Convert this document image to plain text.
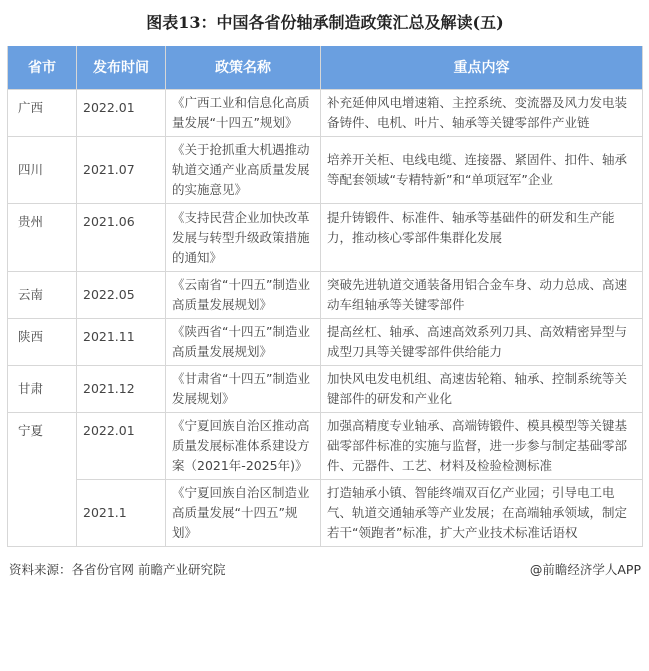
图表13：中国各省份轴承制造政策汇总及解读(五)
省市	发布时间	政策名称	重点内容
广西	2022.01	《广西工业和信息化高质量发展“十四五”规划》	补充延伸风电增速箱、主控系统、变流器及风力发电装备铸件、电机、叶片、轴承等关键零部件产业链
四川	2021.07	《关于抢抓重大机遇推动轨道交通产业高质量发展的实施意见》	培养开关柜、电线电缆、连接器、紧固件、扣件、轴承等配套领域“专精特新”和“单项冠军”企业
贵州	2021.06	《支持民营企业加快改革发展与转型升级政策措施的通知》	提升铸锻件、标准件、轴承等基础件的研发和生产能力，推动核心零部件集群化发展
云南	2022.05	《云南省“十四五”制造业高质量发展规划》	突破先进轨道交通装备用铝合金车身、动力总成、高速动车组轴承等关键零部件
陕西	2021.11	《陕西省“十四五”制造业高质量发展规划》	提高丝杠、轴承、高速高效系列刀具、高效精密异型与成型刀具等关键零部件供给能力
甘肃	2021.12	《甘肃省“十四五”制造业发展规划》	加快风电发电机组、高速齿轮箱、轴承、控制系统等关键部件的研发和产业化
宁夏	2022.01	《宁夏回族自治区推动高质量发展标准体系建设方案（2021年-2025年)》	加强高精度专业轴承、高端铸锻件、模具模型等关键基础零部件标准的实施与监督，进一步参与制定基础零部件、元器件、工艺、材料及检验检测标准
	2021.1	《宁夏回族自治区制造业高质量发展“十四五”规划》	打造轴承小镇、智能终端双百亿产业园；引导电工电气、轨道交通轴承等产业发展；在高端轴承领域，制定若干“领跑者”标准，扩大产业技术标准话语权
资料来源：各省份官网 前瞻产业研究院	@前瞻经济学人APP
